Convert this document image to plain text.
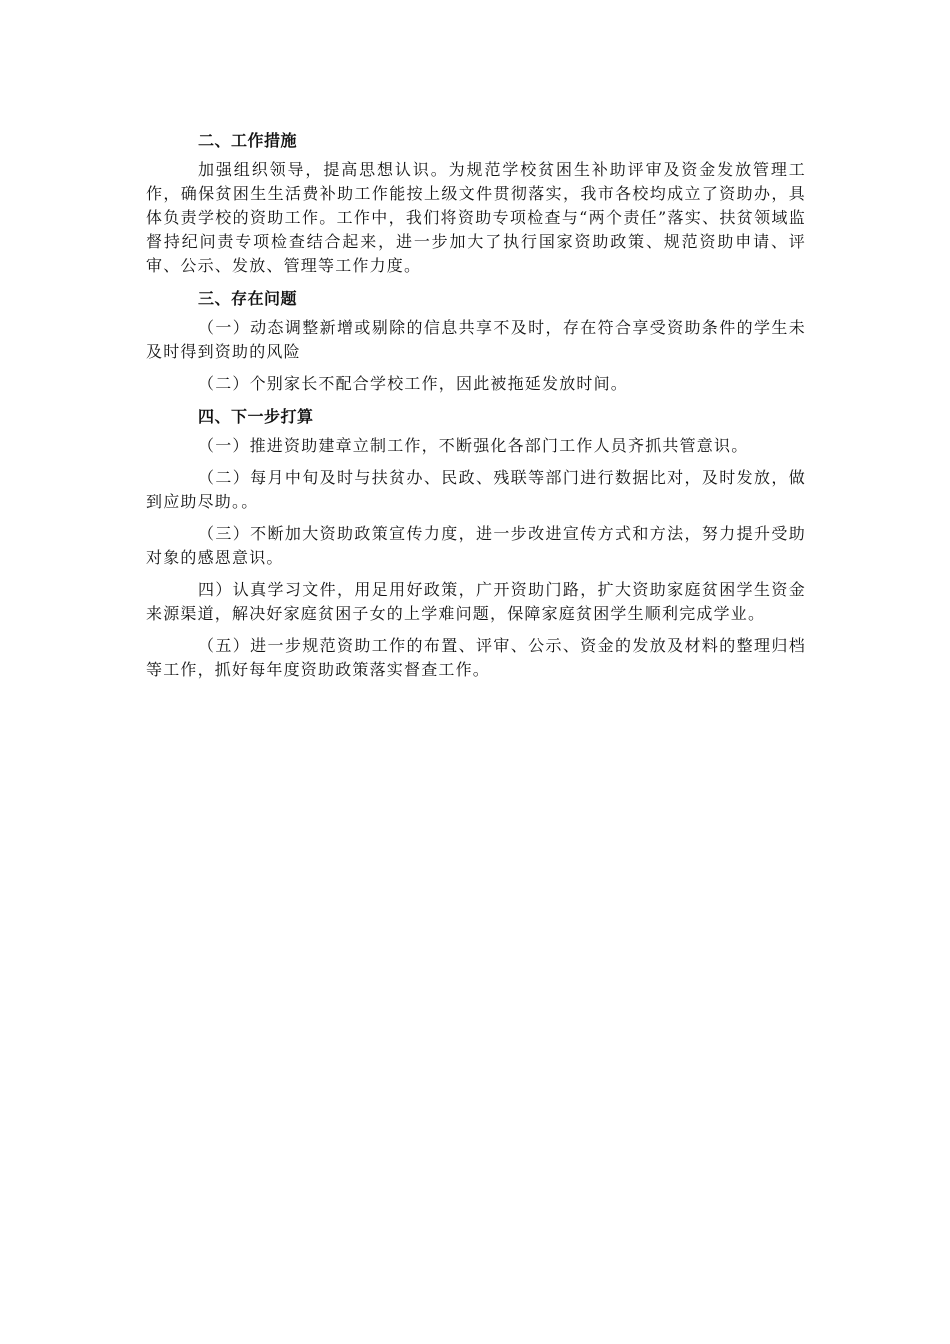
二、工作措施

加强组织领导，提高思想认识。为规范学校贫困生补助评审及资金发放管理工作，确保贫困生生活费补助工作能按上级文件贯彻落实，我市各校均成立了资助办，具体负责学校的资助工作。工作中，我们将资助专项检查与“两个责任”落实、扶贫领域监督持纪问责专项检查结合起来，进一步加大了执行国家资助政策、规范资助申请、评审、公示、发放、管理等工作力度。

三、存在问题

（一）动态调整新增或剔除的信息共享不及时，存在符合享受资助条件的学生未及时得到资助的风险

（二）个别家长不配合学校工作，因此被拖延发放时间。

四、下一步打算

（一）推进资助建章立制工作，不断强化各部门工作人员齐抓共管意识。

（二）每月中旬及时与扶贫办、民政、残联等部门进行数据比对，及时发放，做到应助尽助。。

（三）不断加大资助政策宣传力度，进一步改进宣传方式和方法，努力提升受助对象的感恩意识。

四）认真学习文件，用足用好政策，广开资助门路，扩大资助家庭贫困学生资金来源渠道，解决好家庭贫困子女的上学难问题，保障家庭贫困学生顺利完成学业。

（五）进一步规范资助工作的布置、评审、公示、资金的发放及材料的整理归档等工作，抓好每年度资助政策落实督查工作。
